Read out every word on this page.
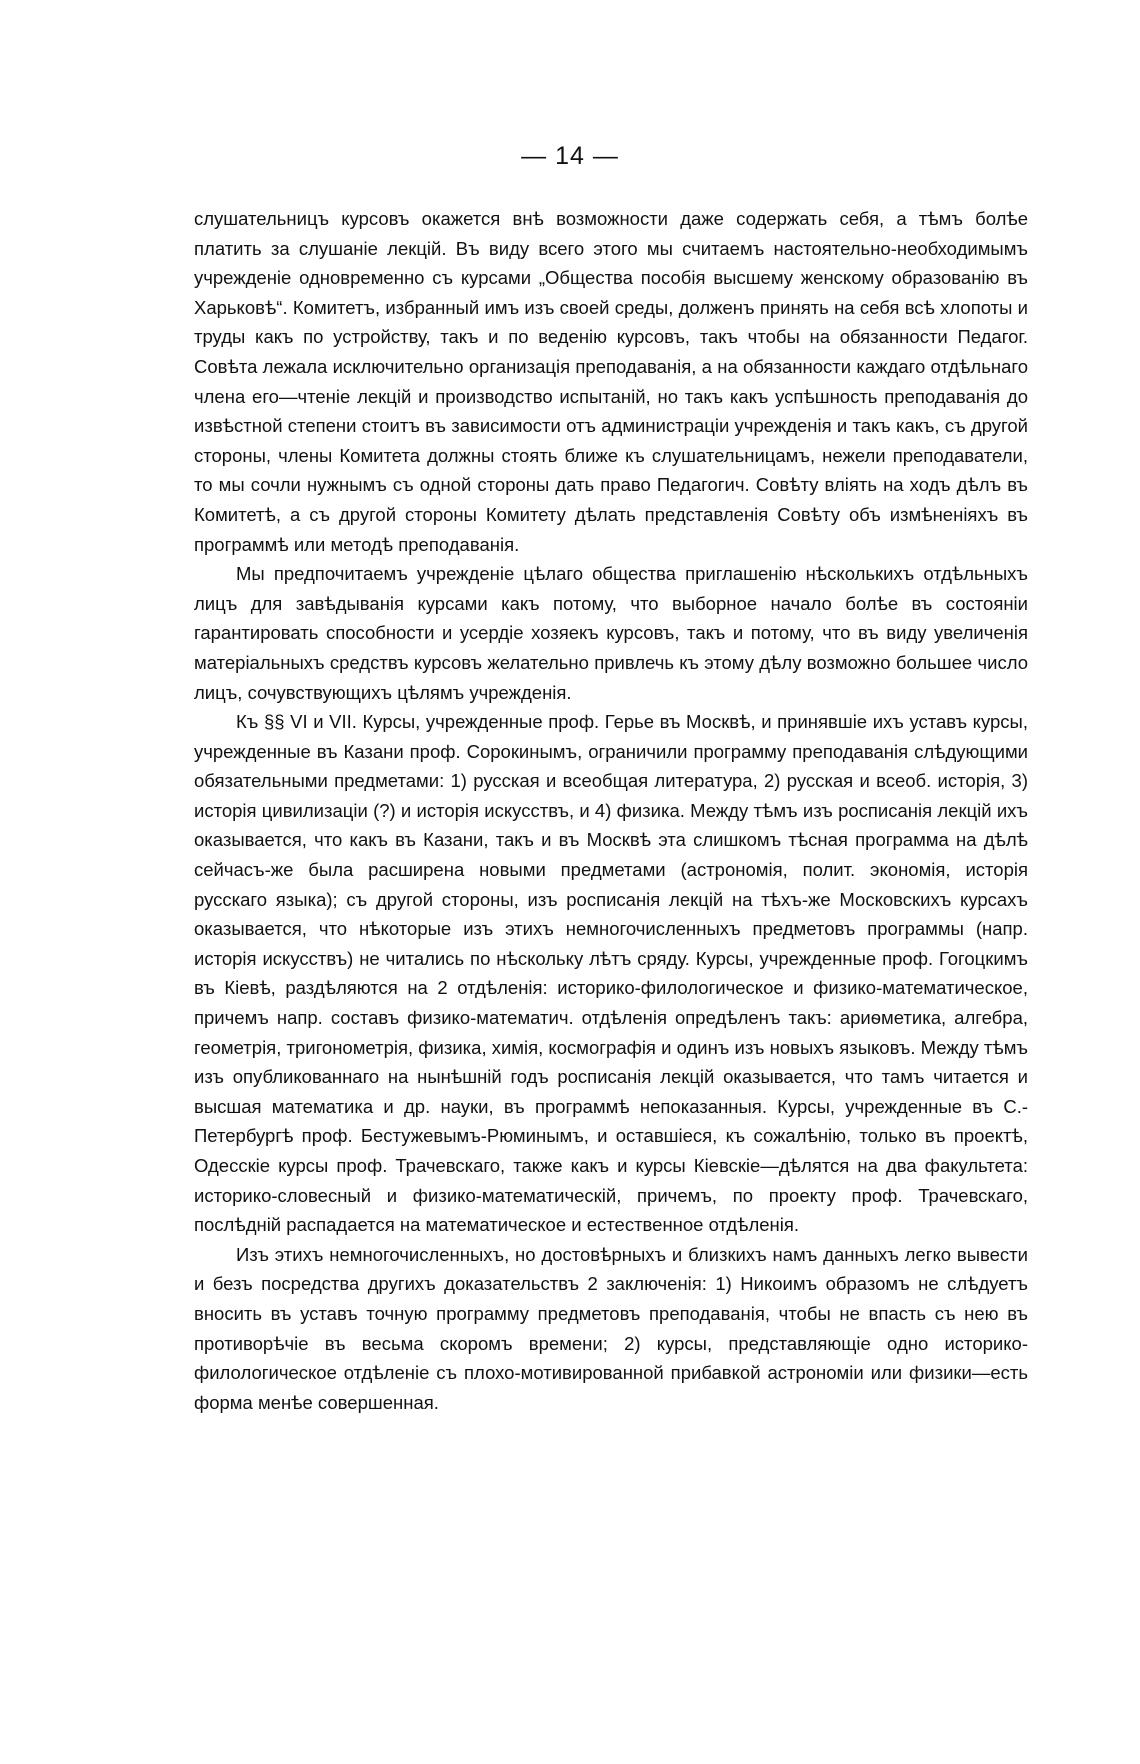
— 14 —

слушательницъ курсовъ окажется внѣ возможности даже содержать себя, а тѣмъ болѣе платить за слушаніе лекцій. Въ виду всего этого мы считаемъ настоятельно-необходимымъ учрежденіе одновременно съ курсами „Общества пособія высшему женскому образованію въ Харьковѣ“. Комитетъ, избранный имъ изъ своей среды, долженъ принять на себя всѣ хлопоты и труды какъ по устройству, такъ и по веденію курсовъ, такъ чтобы на обязанности Педагог. Совѣта лежала исключительно организація преподаванія, а на обязанности каждаго отдѣльнаго члена его—чтеніе лекцій и производство испытаній, но такъ какъ успѣшность преподаванія до извѣстной степени стоитъ въ зависимости отъ администраціи учрежденія и такъ какъ, съ другой стороны, члены Комитета должны стоять ближе къ слушательницамъ, нежели преподаватели, то мы сочли нужнымъ съ одной стороны дать право Педагогич. Совѣту вліять на ходъ дѣлъ въ Комитетѣ, а съ другой стороны Комитету дѣлать представленія Совѣту объ измѣненіяхъ въ программѣ или методѣ преподаванія.

Мы предпочитаемъ учрежденіе цѣлаго общества приглашенію нѣсколькихъ отдѣльныхъ лицъ для завѣдыванія курсами какъ потому, что выборное начало болѣе въ состояніи гарантировать способности и усердіе хозяекъ курсовъ, такъ и потому, что въ виду увеличенія матеріальныхъ средствъ курсовъ желательно привлечь къ этому дѣлу возможно большее число лицъ, сочувствующихъ цѣлямъ учрежденія.

Къ §§ VI и VII. Курсы, учрежденные проф. Герье въ Москвѣ, и принявшіе ихъ уставъ курсы, учрежденные въ Казани проф. Сорокинымъ, ограничили программу преподаванія слѣдующими обязательными предметами: 1) русская и всеобщая литература, 2) русская и всеоб. исторія, 3) исторія цивилизаціи (?) и исторія искусствъ, и 4) физика. Между тѣмъ изъ росписанія лекцій ихъ оказывается, что какъ въ Казани, такъ и въ Москвѣ эта слишкомъ тѣсная программа на дѣлѣ сейчасъ-же была расширена новыми предметами (астрономія, полит. экономія, исторія русскаго языка); съ другой стороны, изъ росписанія лекцій на тѣхъ-же Московскихъ курсахъ оказывается, что нѣкоторые изъ этихъ немногочисленныхъ предметовъ программы (напр. исторія искусствъ) не читались по нѣскольку лѣтъ сряду. Курсы, учрежденные проф. Гогоцкимъ въ Кіевѣ, раздѣляются на 2 отдѣленія: историко-филологическое и физико-математическое, причемъ напр. составъ физико-математич. отдѣленія опредѣленъ такъ: ариѳметика, алгебра, геометрія, тригонометрія, физика, химія, космографія и одинъ изъ новыхъ языковъ. Между тѣмъ изъ опубликованнаго на нынѣшній годъ росписанія лекцій оказывается, что тамъ читается и высшая математика и др. науки, въ программѣ непоказанныя. Курсы, учрежденные въ С.-Петербургѣ проф. Бестужевымъ-Рюминымъ, и оставшіеся, къ сожалѣнію, только въ проектѣ, Одесскіе курсы проф. Трачевскаго, также какъ и курсы Кіевскіе—дѣлятся на два факультета: историко-словесный и физико-математическій, причемъ, по проекту проф. Трачевскаго, послѣдній распадается на математическое и естественное отдѣленія.

Изъ этихъ немногочисленныхъ, но достовѣрныхъ и близкихъ намъ данныхъ легко вывести и безъ посредства другихъ доказательствъ 2 заключенія: 1) Никоимъ образомъ не слѣдуетъ вносить въ уставъ точную программу предметовъ преподаванія, чтобы не впасть съ нею въ противорѣчіе въ весьма скоромъ времени; 2) курсы, представляющіе одно историко-филологическое отдѣленіе съ плохо-мотивированной прибавкой астрономіи или физики—есть форма менѣе совершенная.
